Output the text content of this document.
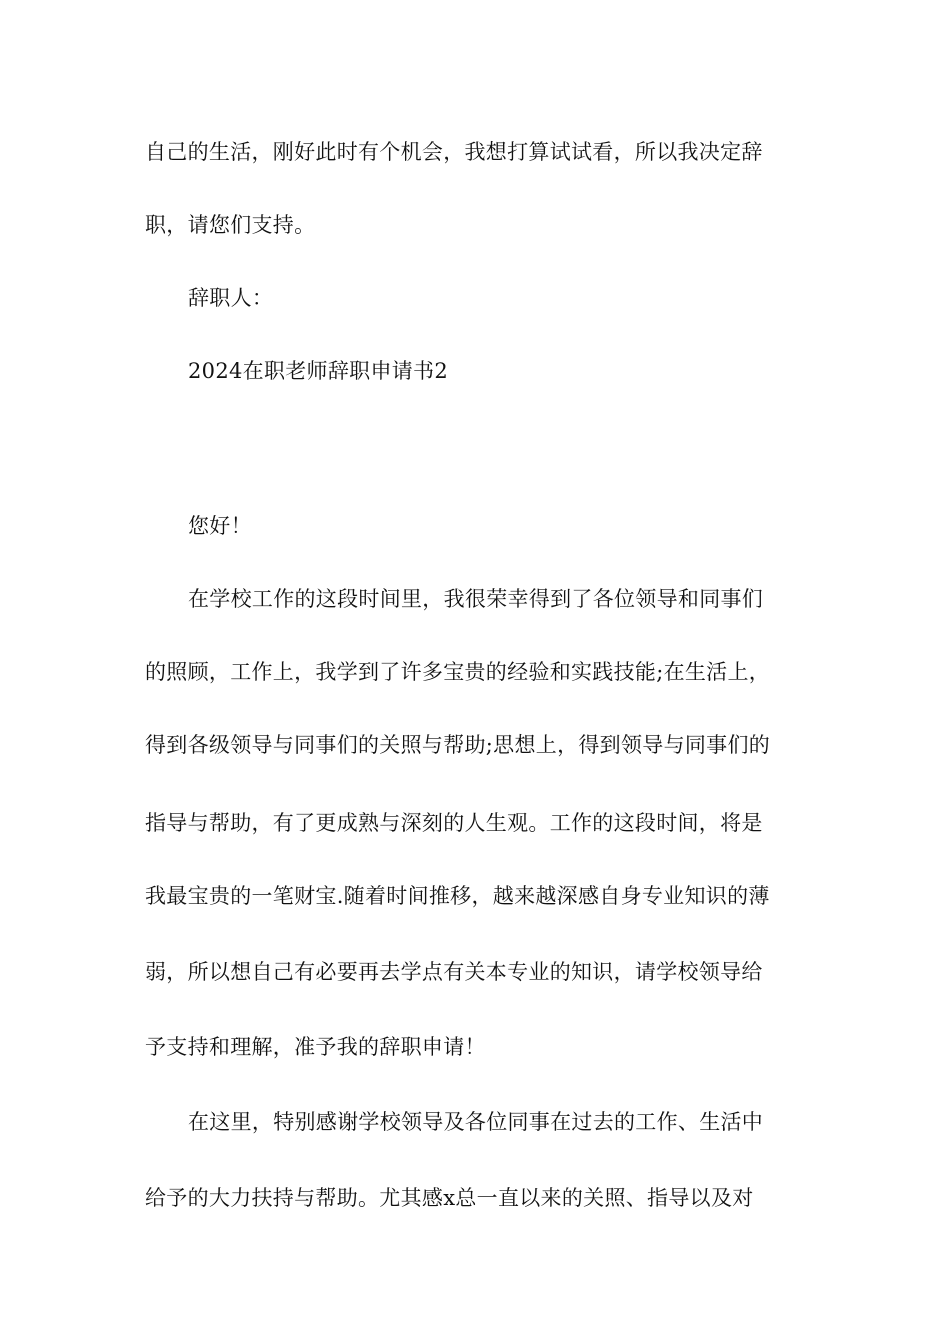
自己的生活，刚好此时有个机会，我想打算试试看，所以我决定辞
职，请您们支持。
辞职人：
2024在职老师辞职申请书2
您好！
在学校工作的这段时间里，我很荣幸得到了各位领导和同事们
的照顾，工作上，我学到了许多宝贵的经验和实践技能;在生活上，
得到各级领导与同事们的关照与帮助;思想上，得到领导与同事们的
指导与帮助，有了更成熟与深刻的人生观。工作的这段时间，将是
我最宝贵的一笔财宝.随着时间推移，越来越深感自身专业知识的薄
弱，所以想自己有必要再去学点有关本专业的知识，请学校领导给
予支持和理解，准予我的辞职申请！
在这里，特别感谢学校领导及各位同事在过去的工作、生活中
给予的大力扶持与帮助。尤其感x总一直以来的关照、指导以及对
